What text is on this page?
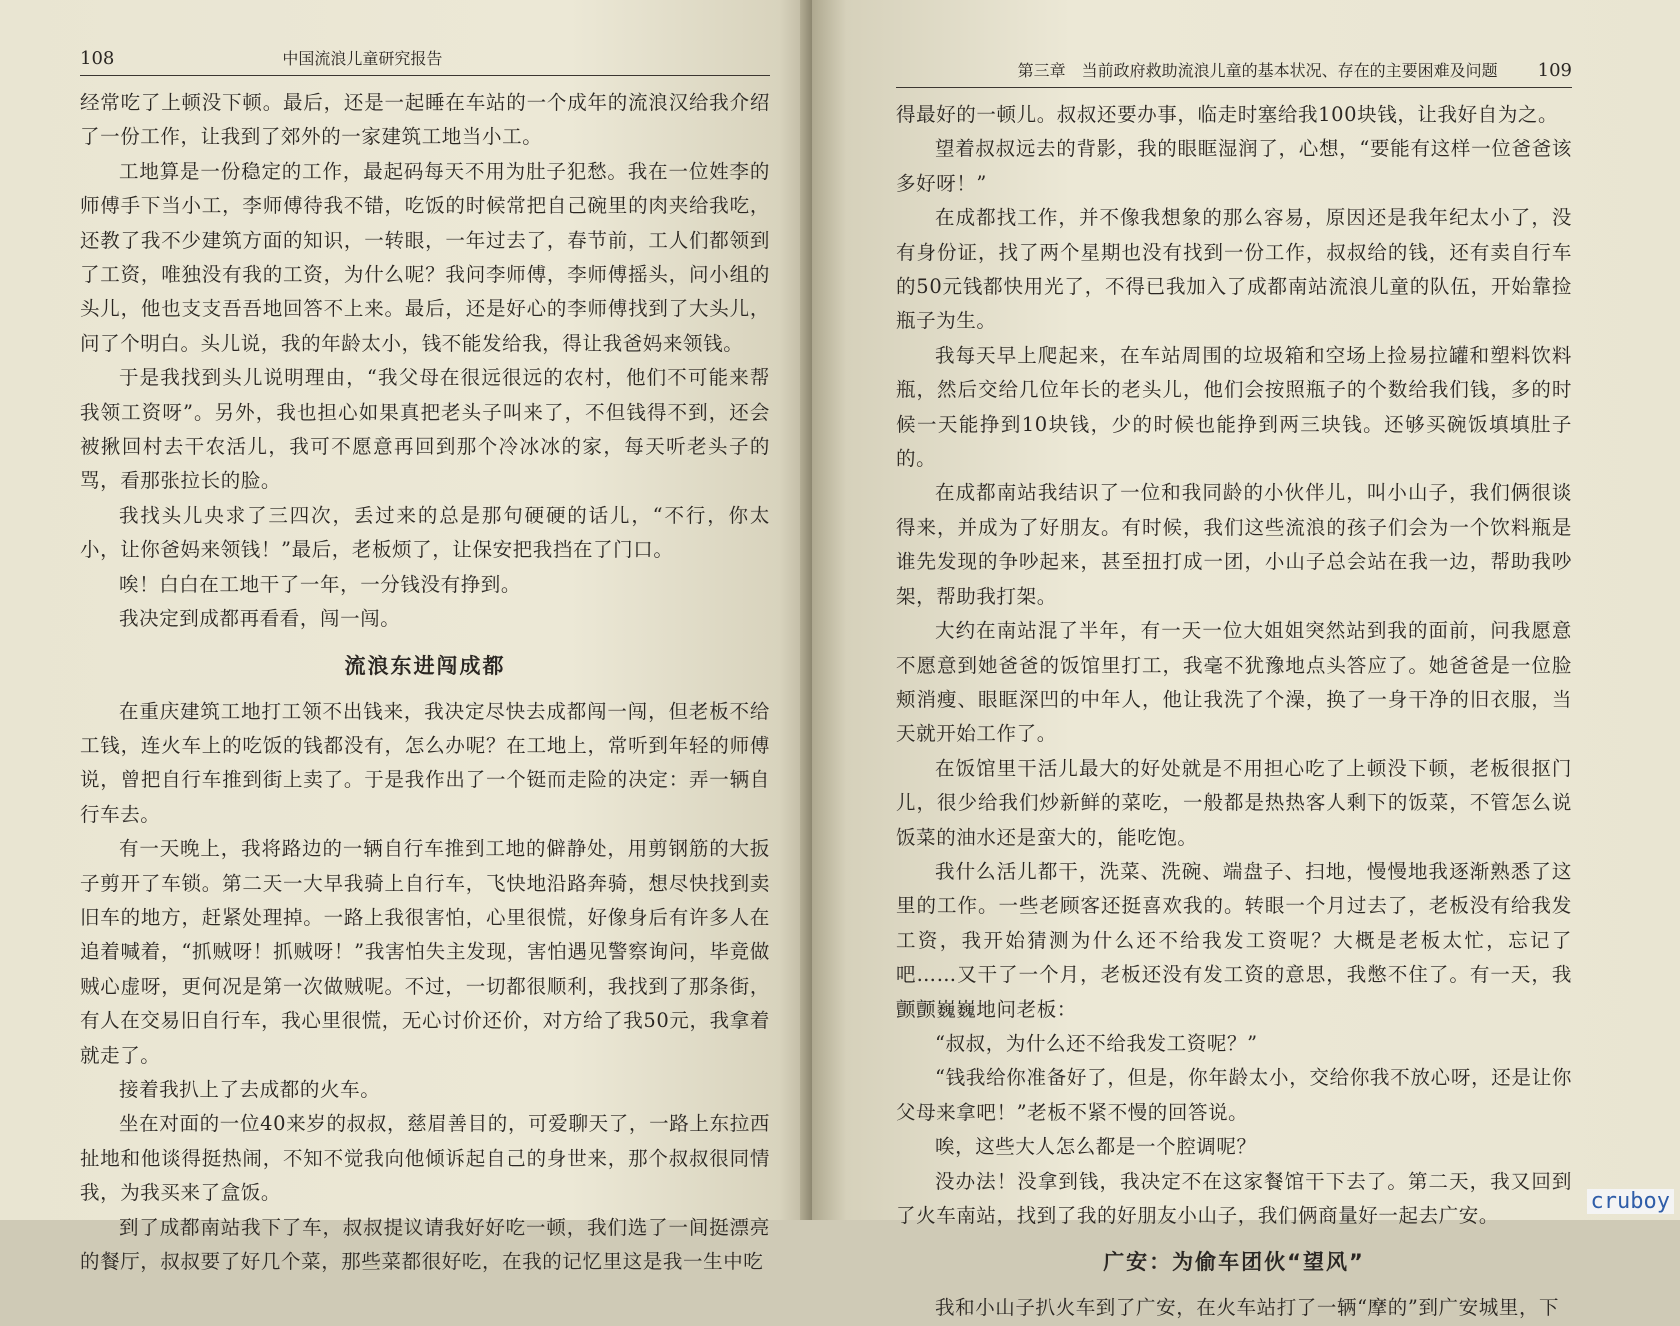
108	中国流浪儿童研究报告

经常吃了上顿没下顿。最后，还是一起睡在车站的一个成年的流浪汉给我介绍了一份工作，让我到了郊外的一家建筑工地当小工。

工地算是一份稳定的工作，最起码每天不用为肚子犯愁。我在一位姓李的师傅手下当小工，李师傅待我不错，吃饭的时候常把自己碗里的肉夹给我吃，还教了我不少建筑方面的知识，一转眼，一年过去了，春节前，工人们都领到了工资，唯独没有我的工资，为什么呢？我问李师傅，李师傅摇头，问小组的头儿，他也支支吾吾地回答不上来。最后，还是好心的李师傅找到了大头儿，问了个明白。头儿说，我的年龄太小，钱不能发给我，得让我爸妈来领钱。

于是我找到头儿说明理由，“我父母在很远很远的农村，他们不可能来帮我领工资呀”。另外，我也担心如果真把老头子叫来了，不但钱得不到，还会被揪回村去干农活儿，我可不愿意再回到那个冷冰冰的家，每天听老头子的骂，看那张拉长的脸。

我找头儿央求了三四次，丢过来的总是那句硬硬的话儿，“不行，你太小，让你爸妈来领钱！”最后，老板烦了，让保安把我挡在了门口。

唉！白白在工地干了一年，一分钱没有挣到。

我决定到成都再看看，闯一闯。

流浪东进闯成都

在重庆建筑工地打工领不出钱来，我决定尽快去成都闯一闯，但老板不给工钱，连火车上的吃饭的钱都没有，怎么办呢？在工地上，常听到年轻的师傅说，曾把自行车推到街上卖了。于是我作出了一个铤而走险的决定：弄一辆自行车去。

有一天晚上，我将路边的一辆自行车推到工地的僻静处，用剪钢筋的大扳子剪开了车锁。第二天一大早我骑上自行车，飞快地沿路奔骑，想尽快找到卖旧车的地方，赶紧处理掉。一路上我很害怕，心里很慌，好像身后有许多人在追着喊着，“抓贼呀！抓贼呀！”我害怕失主发现，害怕遇见警察询问，毕竟做贼心虚呀，更何况是第一次做贼呢。不过，一切都很顺利，我找到了那条街，有人在交易旧自行车，我心里很慌，无心讨价还价，对方给了我50元，我拿着就走了。

接着我扒上了去成都的火车。

坐在对面的一位40来岁的叔叔，慈眉善目的，可爱聊天了，一路上东拉西扯地和他谈得挺热闹，不知不觉我向他倾诉起自己的身世来，那个叔叔很同情我，为我买来了盒饭。

到了成都南站我下了车，叔叔提议请我好好吃一顿，我们选了一间挺漂亮的餐厅，叔叔要了好几个菜，那些菜都很好吃，在我的记忆里这是我一生中吃

第三章　当前政府救助流浪儿童的基本状况、存在的主要困难及问题 109

得最好的一顿儿。叔叔还要办事，临走时塞给我100块钱，让我好自为之。

望着叔叔远去的背影，我的眼眶湿润了，心想，“要能有这样一位爸爸该多好呀！”

在成都找工作，并不像我想象的那么容易，原因还是我年纪太小了，没有身份证，找了两个星期也没有找到一份工作，叔叔给的钱，还有卖自行车的50元钱都快用光了，不得已我加入了成都南站流浪儿童的队伍，开始靠捡瓶子为生。

我每天早上爬起来，在车站周围的垃圾箱和空场上捡易拉罐和塑料饮料瓶，然后交给几位年长的老头儿，他们会按照瓶子的个数给我们钱，多的时候一天能挣到10块钱，少的时候也能挣到两三块钱。还够买碗饭填填肚子的。

在成都南站我结识了一位和我同龄的小伙伴儿，叫小山子，我们俩很谈得来，并成为了好朋友。有时候，我们这些流浪的孩子们会为一个饮料瓶是谁先发现的争吵起来，甚至扭打成一团，小山子总会站在我一边，帮助我吵架，帮助我打架。

大约在南站混了半年，有一天一位大姐姐突然站到我的面前，问我愿意不愿意到她爸爸的饭馆里打工，我毫不犹豫地点头答应了。她爸爸是一位脸颊消瘦、眼眶深凹的中年人，他让我洗了个澡，换了一身干净的旧衣服，当天就开始工作了。

在饭馆里干活儿最大的好处就是不用担心吃了上顿没下顿，老板很抠门儿，很少给我们炒新鲜的菜吃，一般都是热热客人剩下的饭菜，不管怎么说饭菜的油水还是蛮大的，能吃饱。

我什么活儿都干，洗菜、洗碗、端盘子、扫地，慢慢地我逐渐熟悉了这里的工作。一些老顾客还挺喜欢我的。转眼一个月过去了，老板没有给我发工资，我开始猜测为什么还不给我发工资呢？大概是老板太忙，忘记了吧……又干了一个月，老板还没有发工资的意思，我憋不住了。有一天，我颤颤巍巍地问老板：

“叔叔，为什么还不给我发工资呢？”

“钱我给你准备好了，但是，你年龄太小，交给你我不放心呀，还是让你父母来拿吧！”老板不紧不慢的回答说。

唉，这些大人怎么都是一个腔调呢？

没办法！没拿到钱，我决定不在这家餐馆干下去了。第二天，我又回到了火车南站，找到了我的好朋友小山子，我们俩商量好一起去广安。

广安：为偷车团伙“望风”

我和小山子扒火车到了广安，在火车站打了一辆“摩的”到广安城里，下

cruboy
